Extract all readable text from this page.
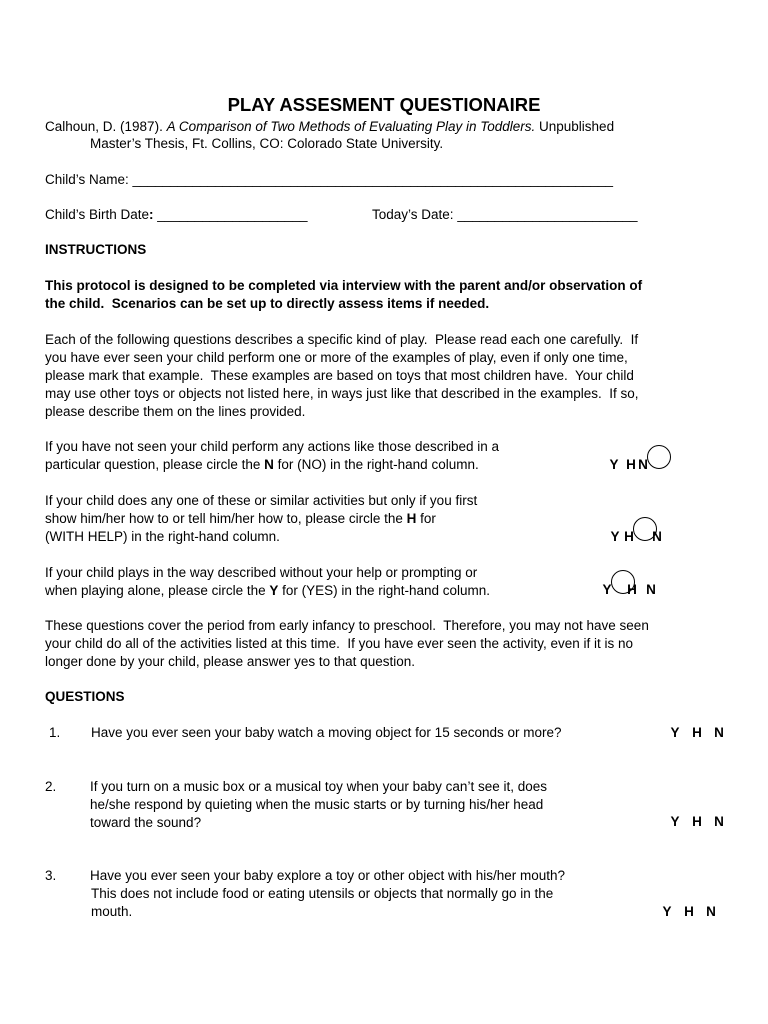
PLAY ASSESMENT QUESTIONAIRE
Calhoun, D. (1987). A Comparison of Two Methods of Evaluating Play in Toddlers. Unpublished
Master’s Thesis, Ft. Collins, CO: Colorado State University.
Child’s Name: ________________________________________________________________
Child’s Birth Date: ____________________	Today’s Date: ________________________
INSTRUCTIONS
This protocol is designed to be completed via interview with the parent and/or observation of
the child.  Scenarios can be set up to directly assess items if needed.
Each of the following questions describes a specific kind of play.  Please read each one carefully.  If
you have ever seen your child perform one or more of the examples of play, even if only one time,
please mark that example.  These examples are based on toys that most children have.  Your child
may use other toys or objects not listed here, in ways just like that described in the examples.  If so,
please describe them on the lines provided.
If you have not seen your child perform any actions like those described in a
particular question, please circle the N for (NO) in the right-hand column.	Y H N
If your child does any one of these or similar activities but only if you first
show him/her how to or tell him/her how to, please circle the H for
(WITH HELP) in the right-hand column.	Y H N
If your child plays in the way described without your help or prompting or
when playing alone, please circle the Y for (YES) in the right-hand column.	Y H N
These questions cover the period from early infancy to preschool.  Therefore, you may not have seen
your child do all of the activities listed at this time.  If you have ever seen the activity, even if it is no
longer done by your child, please answer yes to that question.
QUESTIONS
1. Have you ever seen your baby watch a moving object for 15 seconds or more?	Y H N
2. If you turn on a music box or a musical toy when your baby can’t see it, does
he/she respond by quieting when the music starts or by turning his/her head
toward the sound?	Y H N
3. Have you ever seen your baby explore a toy or other object with his/her mouth?
This does not include food or eating utensils or objects that normally go in the
mouth.	Y H N
